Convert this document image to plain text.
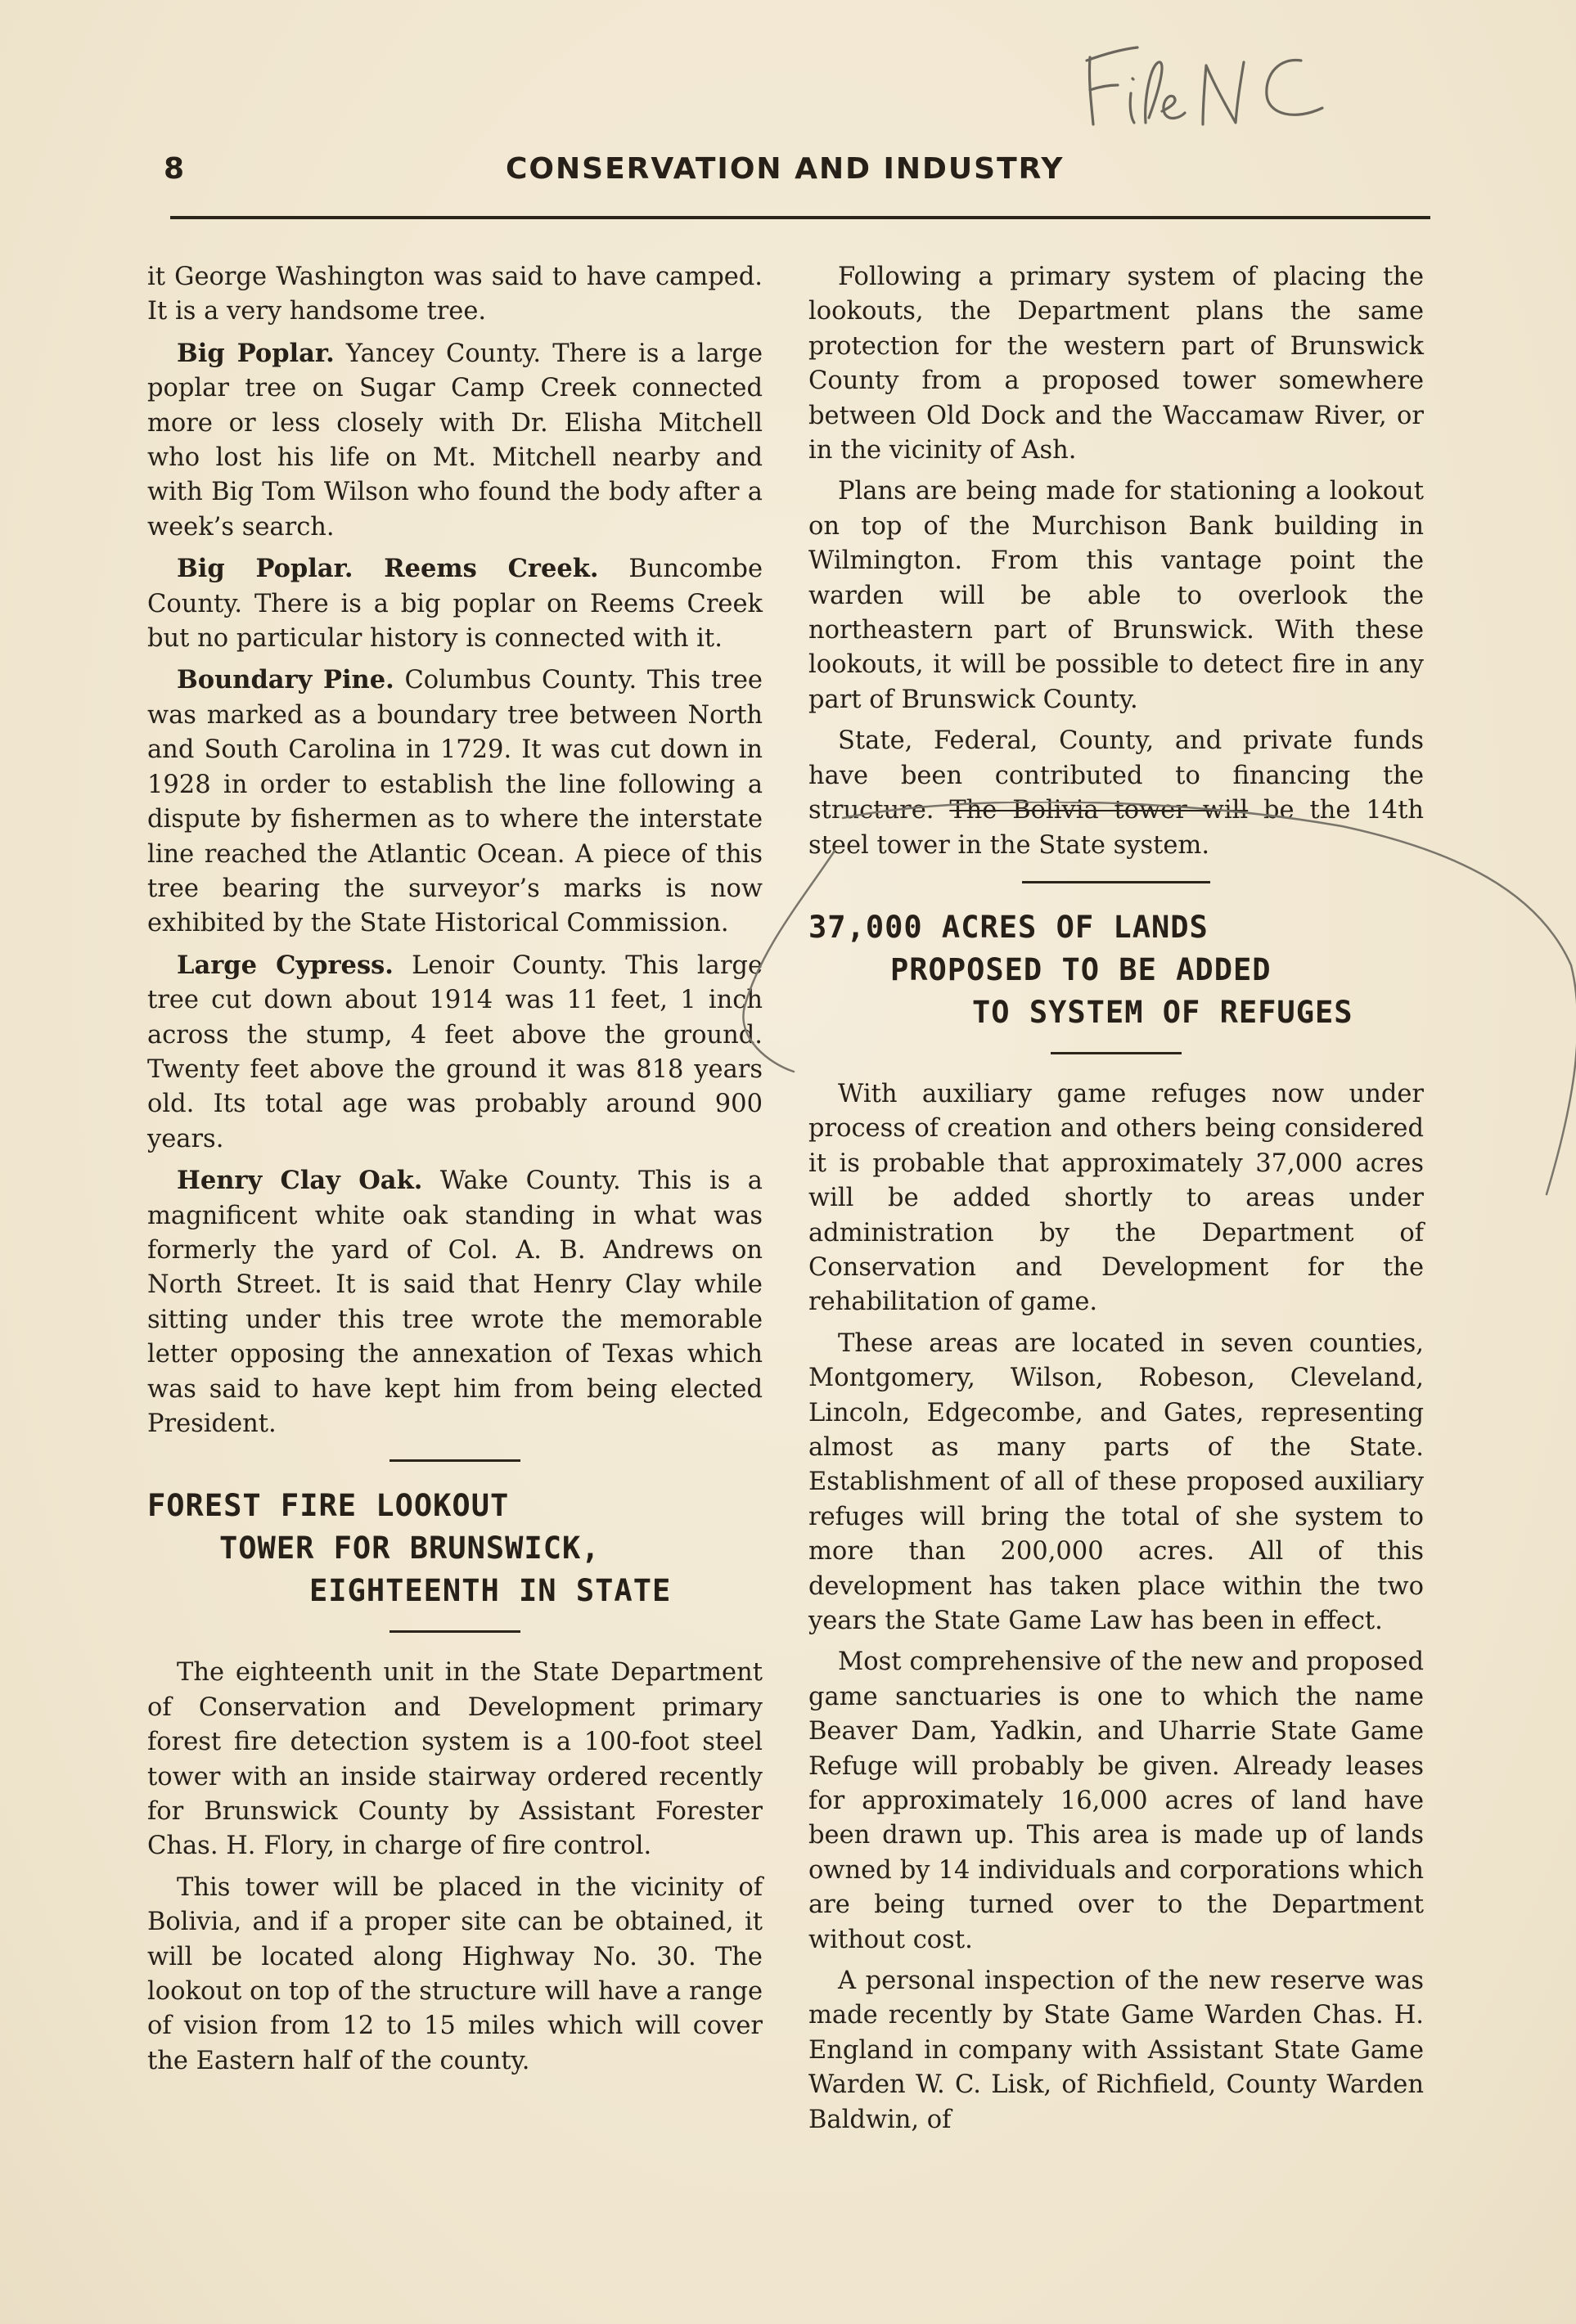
8	CONSERVATION AND INDUSTRY

it George Washington was said to have camped. It is a very handsome tree.

Big Poplar. Yancey County. There is a large poplar tree on Sugar Camp Creek connected more or less closely with Dr. Elisha Mitchell who lost his life on Mt. Mitchell nearby and with Big Tom Wilson who found the body after a week’s search.

Big Poplar. Reems Creek. Buncombe County. There is a big poplar on Reems Creek but no particular history is connected with it.

Boundary Pine. Columbus County. This tree was marked as a boundary tree between North and South Carolina in 1729. It was cut down in 1928 in order to establish the line following a dispute by fishermen as to where the interstate line reached the Atlantic Ocean. A piece of this tree bearing the surveyor’s marks is now exhibited by the State Historical Commission.

Large Cypress. Lenoir County. This large tree cut down about 1914 was 11 feet, 1 inch across the stump, 4 feet above the ground. Twenty feet above the ground it was 818 years old. Its total age was probably around 900 years.

Henry Clay Oak. Wake County. This is a magnificent white oak standing in what was formerly the yard of Col. A. B. Andrews on North Street. It is said that Henry Clay while sitting under this tree wrote the memorable letter opposing the annexation of Texas which was said to have kept him from being elected President.

FOREST FIRE LOOKOUT
TOWER FOR BRUNSWICK,
EIGHTEENTH IN STATE

The eighteenth unit in the State Department of Conservation and Development primary forest fire detection system is a 100-foot steel tower with an inside stairway ordered recently for Brunswick County by Assistant Forester Chas. H. Flory, in charge of fire control.

This tower will be placed in the vicinity of Bolivia, and if a proper site can be obtained, it will be located along Highway No. 30. The lookout on top of the structure will have a range of vision from 12 to 15 miles which will cover the Eastern half of the county.

Following a primary system of placing the lookouts, the Department plans the same protection for the western part of Brunswick County from a proposed tower somewhere between Old Dock and the Waccamaw River, or in the vicinity of Ash.

Plans are being made for stationing a lookout on top of the Murchison Bank building in Wilmington. From this vantage point the warden will be able to overlook the northeastern part of Brunswick. With these lookouts, it will be possible to detect fire in any part of Brunswick County.

State, Federal, County, and private funds have been contributed to financing the structure. The Bolivia tower will be the 14th steel tower in the State system.

37,000 ACRES OF LANDS
PROPOSED TO BE ADDED
TO SYSTEM OF REFUGES

With auxiliary game refuges now under process of creation and others being considered it is probable that approximately 37,000 acres will be added shortly to areas under administration by the Department of Conservation and Development for the rehabilitation of game.

These areas are located in seven counties, Montgomery, Wilson, Robeson, Cleveland, Lincoln, Edgecombe, and Gates, representing almost as many parts of the State. Establishment of all of these proposed auxiliary refuges will bring the total of she system to more than 200,000 acres. All of this development has taken place within the two years the State Game Law has been in effect.

Most comprehensive of the new and proposed game sanctuaries is one to which the name Beaver Dam, Yadkin, and Uharrie State Game Refuge will probably be given. Already leases for approximately 16,000 acres of land have been drawn up. This area is made up of lands owned by 14 individuals and corporations which are being turned over to the Department without cost.

A personal inspection of the new reserve was made recently by State Game Warden Chas. H. England in company with Assistant State Game Warden W. C. Lisk, of Richfield, County Warden Baldwin, of
